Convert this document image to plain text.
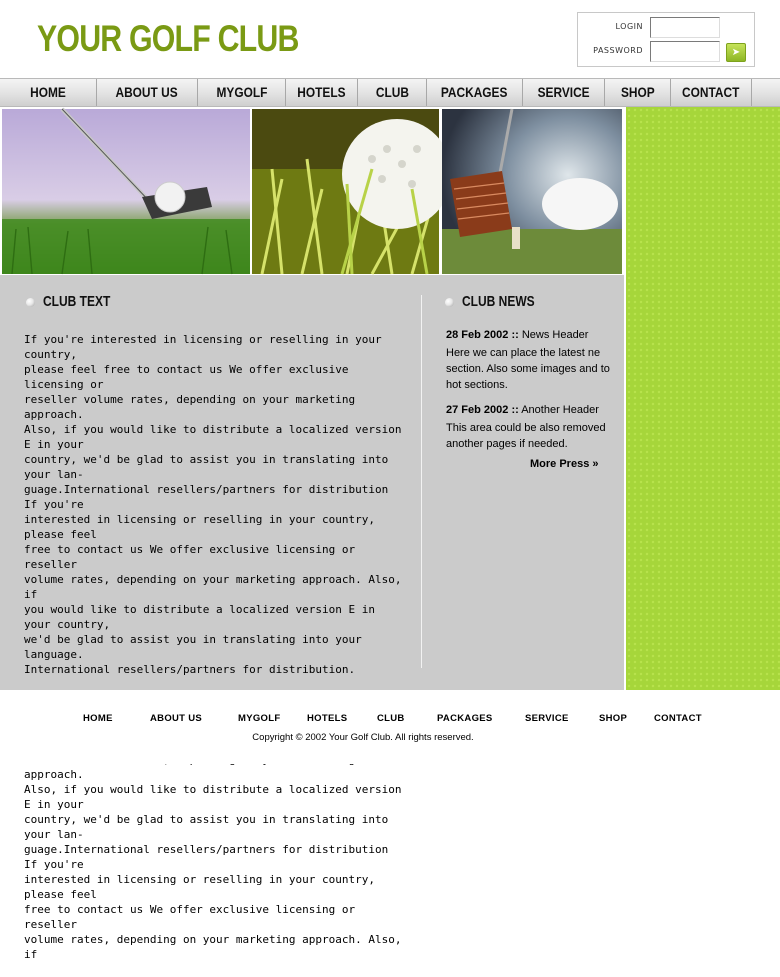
YOUR GOLF CLUB	LOGIN
PASSWORD	➤
HOME	ABOUT US	MYGOLF	HOTELS	CLUB	PACKAGES	SERVICE	SHOP	CONTACT
CLUB TEXT

If you're interested in licensing or reselling in your country,
please feel free to contact us We offer exclusive licensing or
reseller volume rates, depending on your marketing approach.
Also, if you would like to distribute a localized version E in your
country, we'd be glad to assist you in translating into your lan-
guage.International resellers/partners for distribution If you're
interested in licensing or reselling in your country, please feel
free to contact us We offer exclusive licensing or reseller
volume rates, depending on your marketing approach. Also, if
you would like to distribute a localized version E in your country,
we'd be glad to assist you in translating into your language.
International resellers/partners for distribution.

approach.
Also, if you would like to distribute a localized version E in your
country, we'd be glad to assist you in translating into your lan-
guage.International resellers/partners for distribution If you're
interested in licensing or reselling in your country, please feel
free to contact us We offer exclusive licensing or reseller
volume rates, depending on your marketing approach. Also, if

CLUB NEWS
28 Feb 2002 :: News Header
Here we can place the latest ne section. Also some images and to hot sections.
27 Feb 2002 :: Another Header
This area could be also removed another pages if needed.
More Press »
HOME	ABOUT US	MYGOLF	HOTELS	CLUB	PACKAGES	SERVICE	SHOP	CONTACT
Copyright © 2002 Your Golf Club. All rights reserved.
